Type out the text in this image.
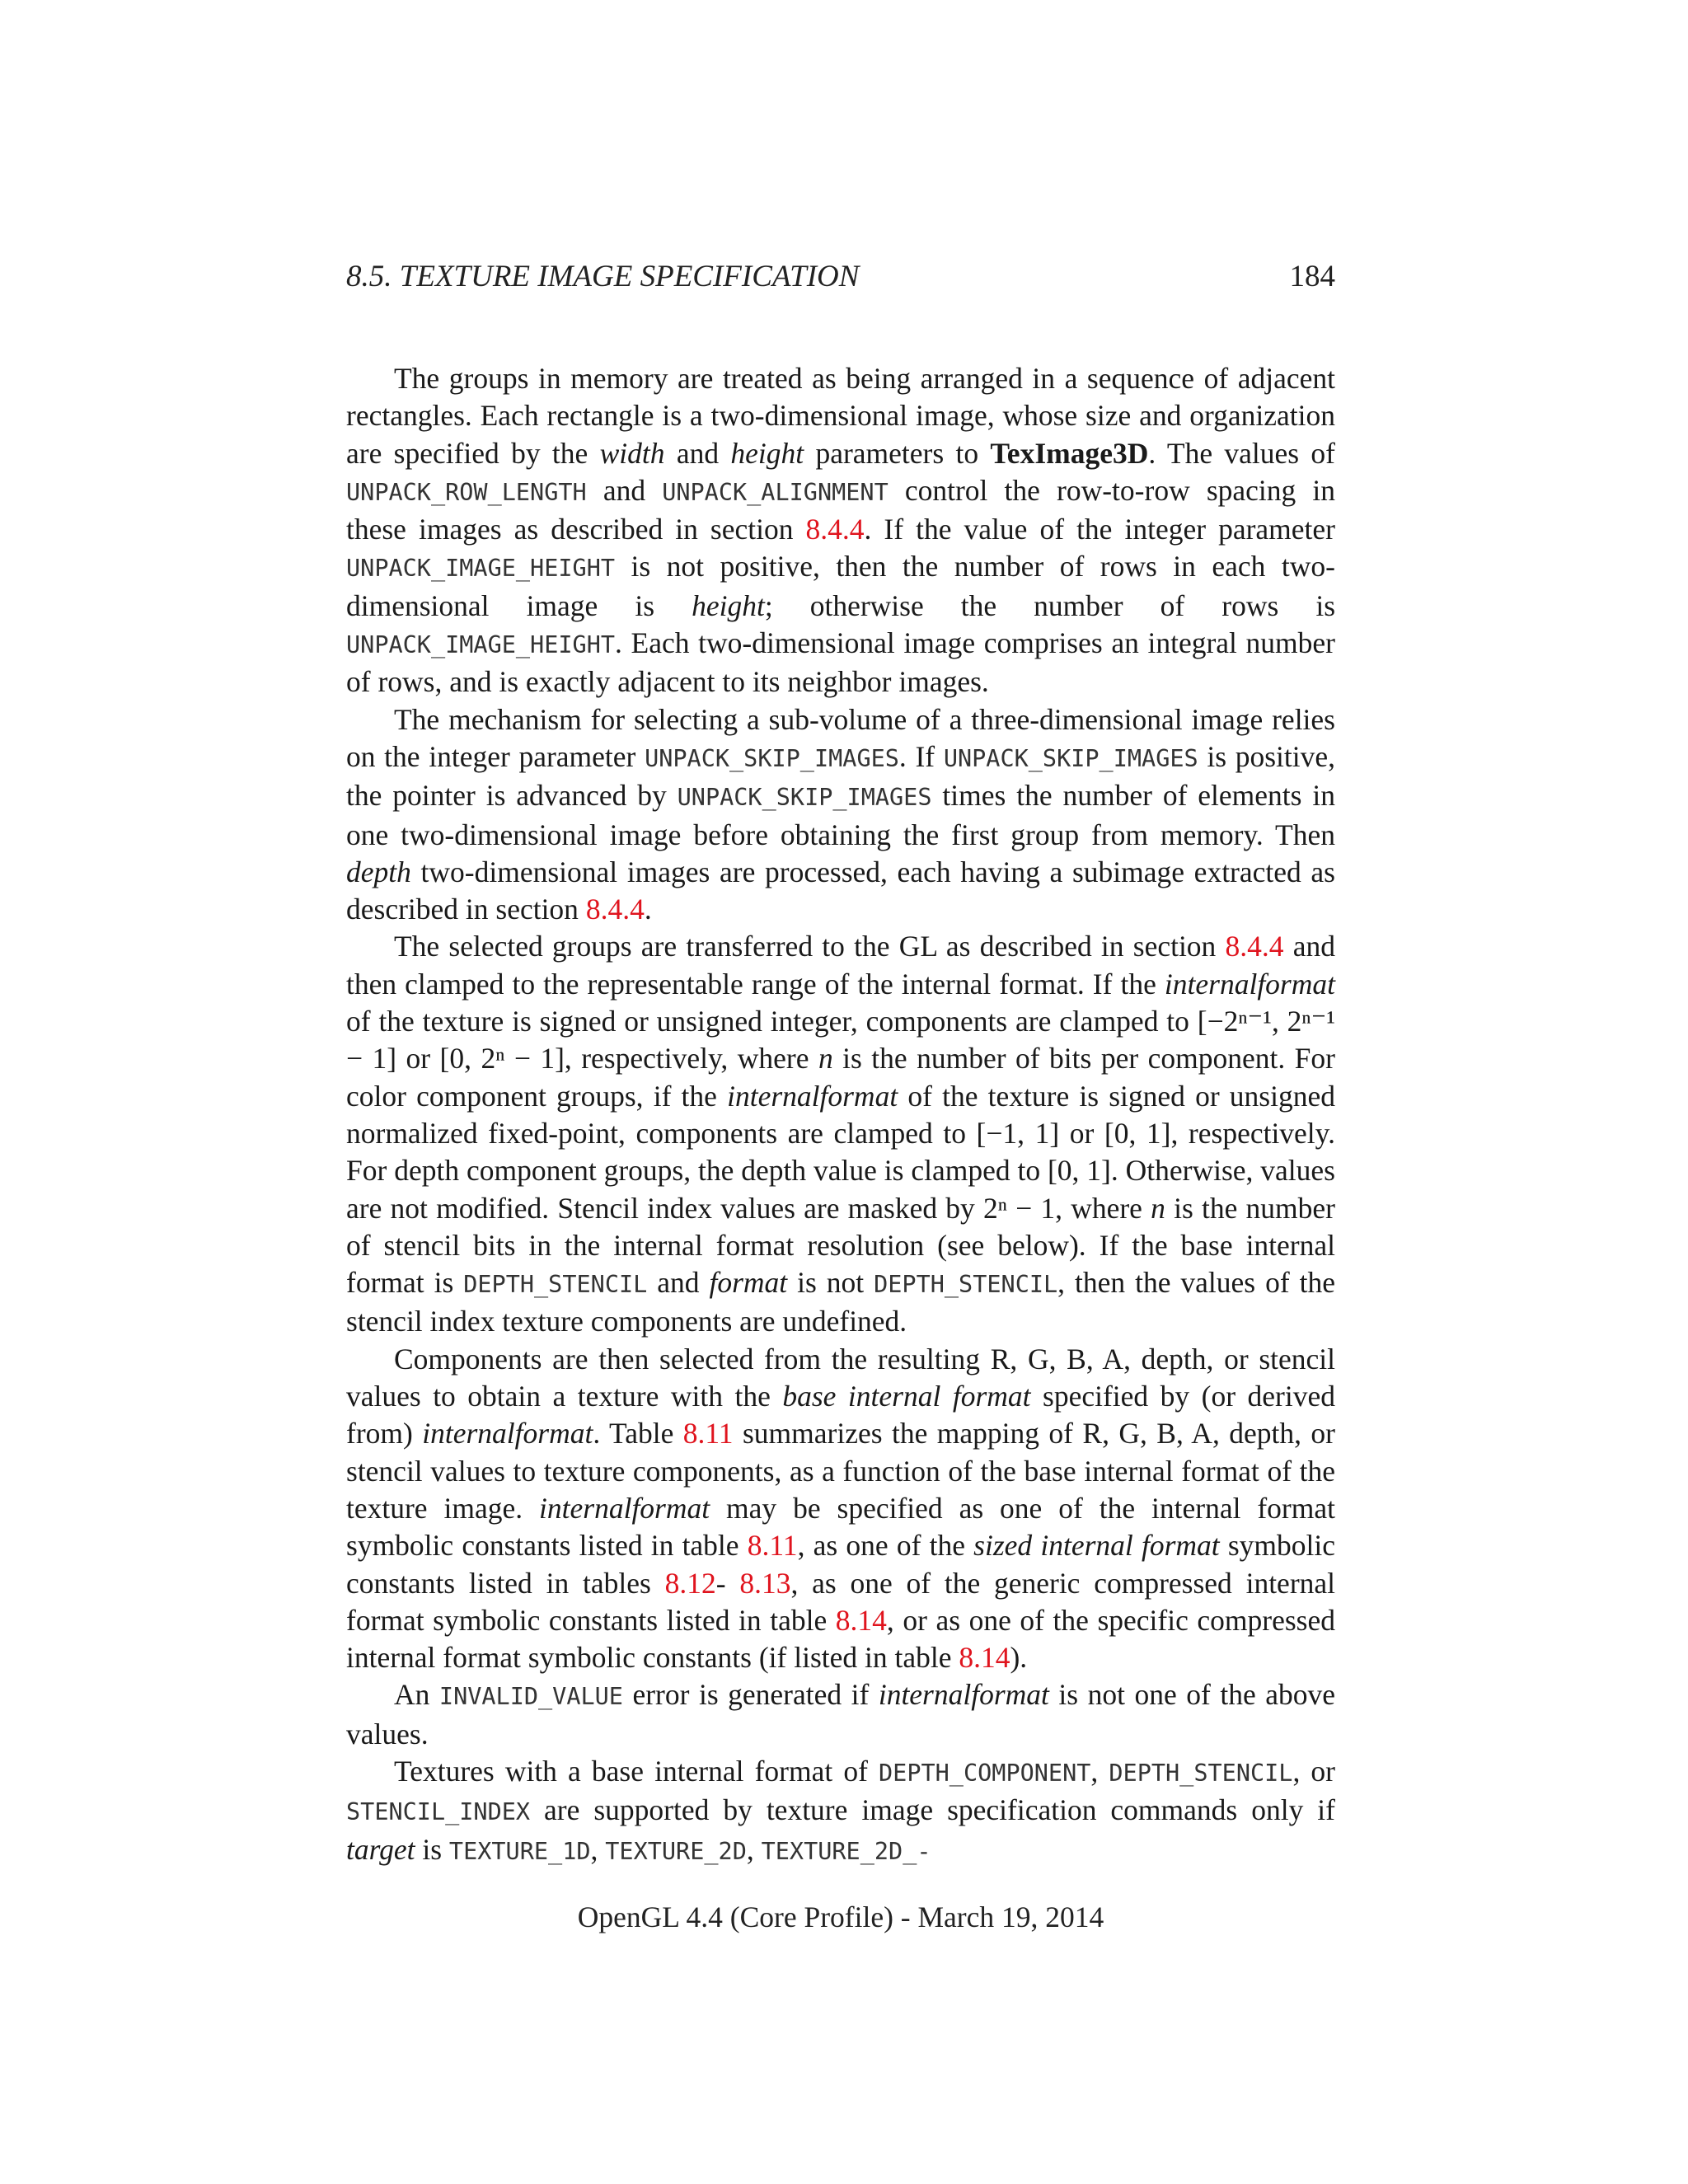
8.5. TEXTURE IMAGE SPECIFICATION	184

The groups in memory are treated as being arranged in a sequence of adjacent rectangles. Each rectangle is a two-dimensional image, whose size and organization are specified by the width and height parameters to TexImage3D. The values of UNPACK_ROW_LENGTH and UNPACK_ALIGNMENT control the row-to-row spacing in these images as described in section 8.4.4. If the value of the integer parameter UNPACK_IMAGE_HEIGHT is not positive, then the number of rows in each two-dimensional image is height; otherwise the number of rows is UNPACK_IMAGE_HEIGHT. Each two-dimensional image comprises an integral number of rows, and is exactly adjacent to its neighbor images.

The mechanism for selecting a sub-volume of a three-dimensional image relies on the integer parameter UNPACK_SKIP_IMAGES. If UNPACK_SKIP_IMAGES is positive, the pointer is advanced by UNPACK_SKIP_IMAGES times the number of elements in one two-dimensional image before obtaining the first group from memory. Then depth two-dimensional images are processed, each having a subimage extracted as described in section 8.4.4.

The selected groups are transferred to the GL as described in section 8.4.4 and then clamped to the representable range of the internal format. If the internalformat of the texture is signed or unsigned integer, components are clamped to [−2ⁿ⁻¹, 2ⁿ⁻¹ − 1] or [0, 2ⁿ − 1], respectively, where n is the number of bits per component. For color component groups, if the internalformat of the texture is signed or unsigned normalized fixed-point, components are clamped to [−1, 1] or [0, 1], respectively. For depth component groups, the depth value is clamped to [0, 1]. Otherwise, values are not modified. Stencil index values are masked by 2ⁿ − 1, where n is the number of stencil bits in the internal format resolution (see below). If the base internal format is DEPTH_STENCIL and format is not DEPTH_STENCIL, then the values of the stencil index texture components are undefined.

Components are then selected from the resulting R, G, B, A, depth, or stencil values to obtain a texture with the base internal format specified by (or derived from) internalformat. Table 8.11 summarizes the mapping of R, G, B, A, depth, or stencil values to texture components, as a function of the base internal format of the texture image. internalformat may be specified as one of the internal format symbolic constants listed in table 8.11, as one of the sized internal format symbolic constants listed in tables 8.12- 8.13, as one of the generic compressed internal format symbolic constants listed in table 8.14, or as one of the specific compressed internal format symbolic constants (if listed in table 8.14).

An INVALID_VALUE error is generated if internalformat is not one of the above values.

Textures with a base internal format of DEPTH_COMPONENT, DEPTH_STENCIL, or STENCIL_INDEX are supported by texture image specification commands only if target is TEXTURE_1D, TEXTURE_2D, TEXTURE_2D_-

OpenGL 4.4 (Core Profile) - March 19, 2014
